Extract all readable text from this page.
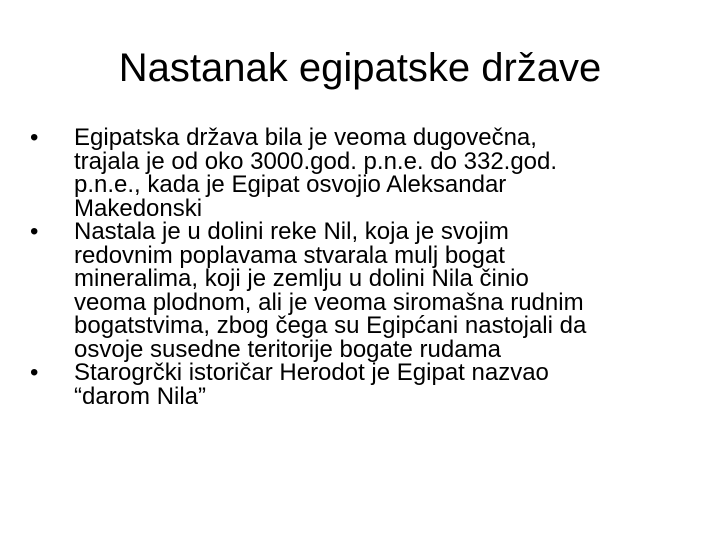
Nastanak egipatske države
•	Egipatska država bila je veoma dugovečna,
trajala je od oko 3000.god. p.n.e. do 332.god.
p.n.e., kada je Egipat osvojio Aleksandar
Makedonski
•	Nastala je u dolini reke Nil, koja je svojim
redovnim poplavama stvarala mulj bogat
mineralima, koji je zemlju u dolini Nila činio
veoma plodnom, ali je veoma siromašna rudnim
bogatstvima, zbog čega su Egipćani nastojali da
osvoje susedne teritorije bogate rudama
•	Starogrčki istoričar Herodot je Egipat nazvao
“darom Nila”
